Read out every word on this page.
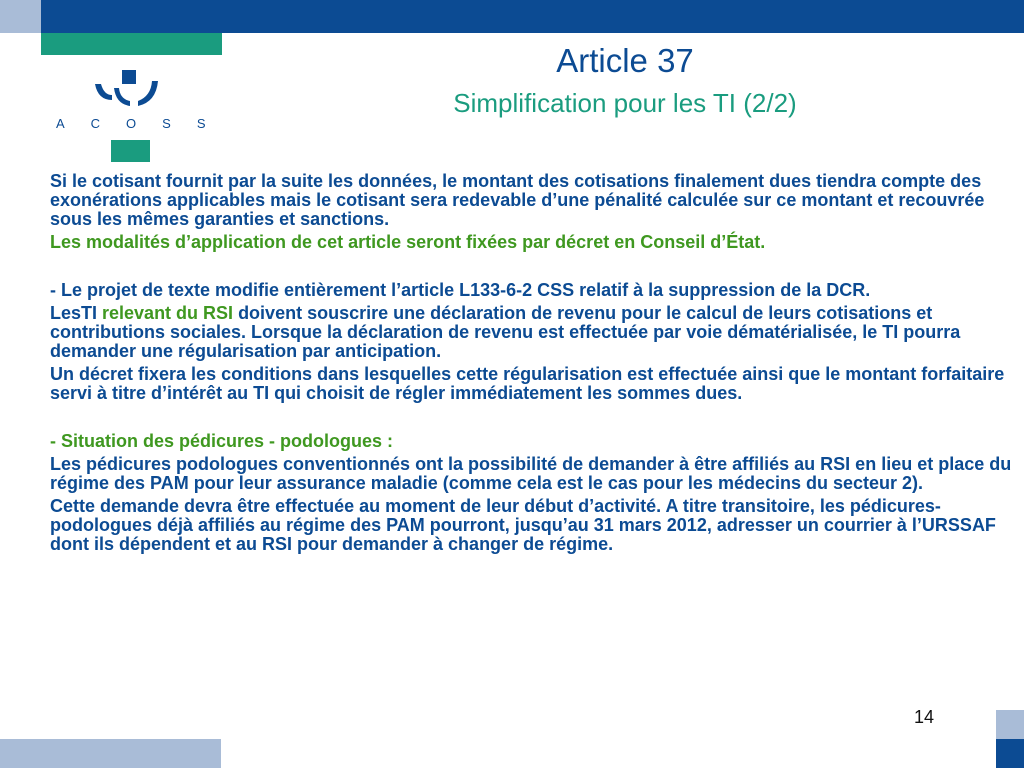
ACOSS
Article 37
Simplification pour les TI (2/2)

Si le cotisant fournit par la suite les données, le montant des cotisations finalement dues tiendra compte des exonérations applicables mais le cotisant sera redevable d’une pénalité calculée sur ce montant et recouvrée sous les mêmes garanties et sanctions.

Les modalités d’application de cet article seront fixées par décret en Conseil d’État.

- Le projet de texte modifie entièrement l’article L133-6-2 CSS relatif à la suppression de la DCR.

LesTI relevant du RSI doivent souscrire une déclaration de revenu pour le calcul de leurs cotisations et contributions sociales. Lorsque la déclaration de revenu est effectuée par voie dématérialisée, le TI pourra demander une régularisation par anticipation.

Un décret fixera les conditions dans lesquelles cette régularisation est effectuée ainsi que le montant forfaitaire servi à titre d’intérêt au TI qui choisit de régler immédiatement les sommes dues.

- Situation des pédicures - podologues :

Les pédicures podologues conventionnés ont la possibilité de demander à être affiliés au RSI en lieu et place du régime des PAM pour leur assurance maladie (comme cela est le cas pour les médecins du secteur 2).

Cette demande devra être effectuée au moment de leur début d’activité. A titre transitoire, les pédicures-podologues déjà affiliés au régime des PAM pourront, jusqu’au 31 mars 2012, adresser un courrier à l’URSSAF dont ils dépendent et au RSI pour demander à changer de régime.

14
